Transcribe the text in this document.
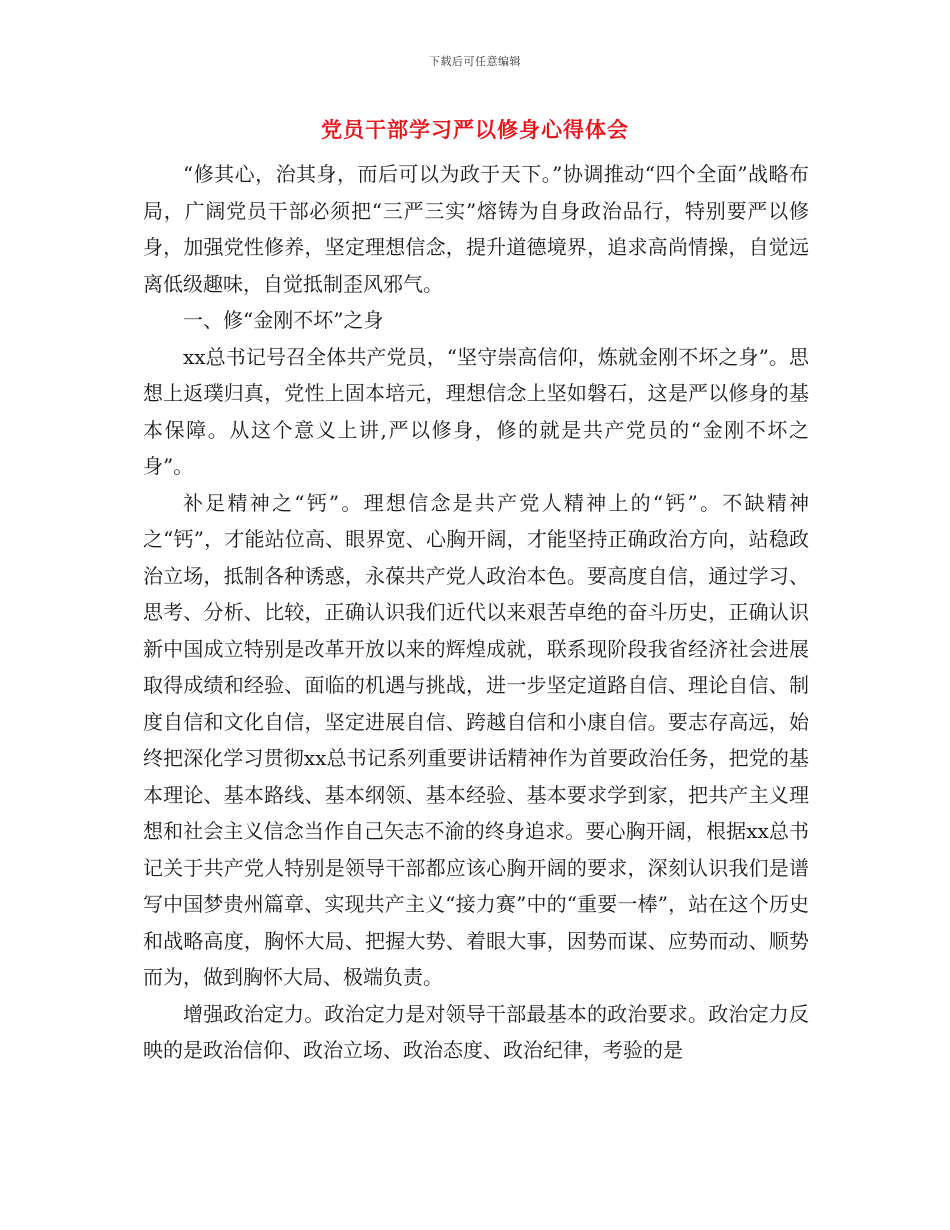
下载后可任意编辑
党员干部学习严以修身心得体会

“修其心，治其身，而后可以为政于天下。”协调推动“四个全面”战略布局，广阔党员干部必须把“三严三实”熔铸为自身政治品行，特别要严以修身，加强党性修养，坚定理想信念，提升道德境界，追求高尚情操，自觉远离低级趣味，自觉抵制歪风邪气。

一、修“金刚不坏”之身

xx总书记号召全体共产党员，“坚守崇高信仰，炼就金刚不坏之身”。思想上返璞归真，党性上固本培元，理想信念上坚如磐石，这是严以修身的基本保障。从这个意义上讲,严以修身，修的就是共产党员的“金刚不坏之身”。

补足精神之“钙”。理想信念是共产党人精神上的“钙”。不缺精神之“钙”，才能站位高、眼界宽、心胸开阔，才能坚持正确政治方向，站稳政治立场，抵制各种诱惑，永葆共产党人政治本色。要高度自信，通过学习、思考、分析、比较，正确认识我们近代以来艰苦卓绝的奋斗历史，正确认识新中国成立特别是改革开放以来的辉煌成就，联系现阶段我省经济社会进展取得成绩和经验、面临的机遇与挑战，进一步坚定道路自信、理论自信、制度自信和文化自信，坚定进展自信、跨越自信和小康自信。要志存高远，始终把深化学习贯彻xx总书记系列重要讲话精神作为首要政治任务，把党的基本理论、基本路线、基本纲领、基本经验、基本要求学到家，把共产主义理想和社会主义信念当作自己矢志不渝的终身追求。要心胸开阔，根据xx总书记关于共产党人特别是领导干部都应该心胸开阔的要求，深刻认识我们是谱写中国梦贵州篇章、实现共产主义“接力赛”中的“重要一棒”，站在这个历史和战略高度，胸怀大局、把握大势、着眼大事，因势而谋、应势而动、顺势而为，做到胸怀大局、极端负责。

增强政治定力。政治定力是对领导干部最基本的政治要求。政治定力反映的是政治信仰、政治立场、政治态度、政治纪律，考验的是
